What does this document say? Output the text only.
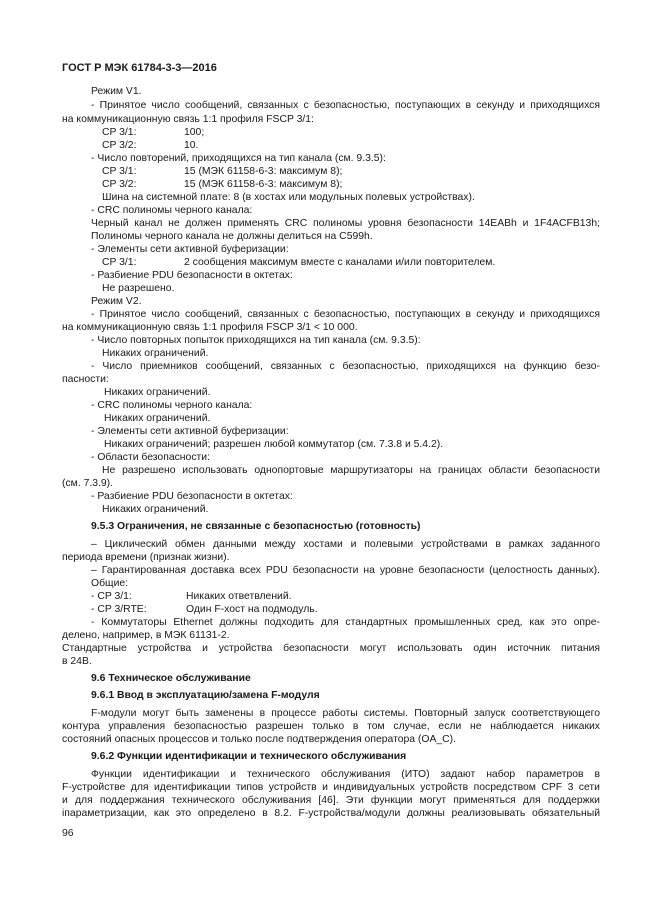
ГОСТ Р МЭК 61784-3-3—2016
Режим V1.
- Принятое число сообщений, связанных с безопасностью, поступающих в секунду и приходящихся
на коммуникационную связь 1:1 профиля FSCP 3/1:
CP 3/1:	100;
CP 3/2:	10.
- Число повторений, приходящихся на тип канала (см. 9.3.5):
CP 3/1:	15 (МЭК 61158-6-3: максимум 8);
CP 3/2:	15 (МЭК 61158-6-3: максимум 8);
Шина на системной плате: 8 (в хостах или модульных полевых устройствах).
- CRC полиномы черного канала:
Черный канал не должен применять CRC полиномы уровня безопасности 14EABh и 1F4ACFB13h;
Полиномы черного канала не должны делиться на C599h.
- Элементы сети активной буферизации:
CP 3/1:	2 сообщения максимум вместе с каналами и/или повторителем.
- Разбиение PDU безопасности в октетах:
Не разрешено.
Режим V2.
- Принятое число сообщений, связанных с безопасностью, поступающих в секунду и приходящихся
на коммуникационную связь 1:1 профиля FSCP 3/1 < 10 000.
- Число повторных попыток приходящихся на тип канала (см. 9.3.5):
Никаких ограничений.
- Число приемников сообщений, связанных с безопасностью, приходящихся на функцию безо-
пасности:
Никаких ограничений.
- CRC полиномы черного канала:
Никаких ограничений.
- Элементы сети активной буферизации:
Никаких ограничений; разрешен любой коммутатор (см. 7.3.8 и 5.4.2).
- Области безопасности:
Не разрешено использовать однопортовые маршрутизаторы на границах области безопасности
(см. 7.3.9).
- Разбиение PDU безопасности в октетах:
Никаких ограничений.
9.5.3 Ограничения, не связанные с безопасностью (готовность)
– Циклический обмен данными между хостами и полевыми устройствами в рамках заданного
периода времени (признак жизни).
– Гарантированная доставка всех PDU безопасности на уровне безопасности (целостность данных).
Общие:
- CP 3/1:	Никаких ответвлений.
- CP 3/RTE:	Один F-хост на подмодуль.
- Коммутаторы Ethernet должны подходить для стандартных промышленных сред, как это опре-
делено, например, в МЭК 61131-2.
Стандартные устройства и устройства безопасности могут использовать один источник питания
в 24В.
9.6 Техническое обслуживание
9.6.1 Ввод в эксплуатацию/замена F-модуля
F-модули могут быть заменены в процессе работы системы. Повторный запуск соответствующего
контура управления безопасностью разрешен только в том случае, если не наблюдается никаких
состояний опасных процессов и только после подтверждения оператора (OA_C).
9.6.2 Функции идентификации и технического обслуживания
Функции идентификации и технического обслуживания (ИТО) задают набор параметров в
F-устройстве для идентификации типов устройств и индивидуальных устройств посредством CPF 3 сети
и для поддержания технического обслуживания [46]. Эти функции могут применяться для поддержки
iпараметризации, как это определено в 8.2. F-устройства/модули должны реализовывать обязательный
96
